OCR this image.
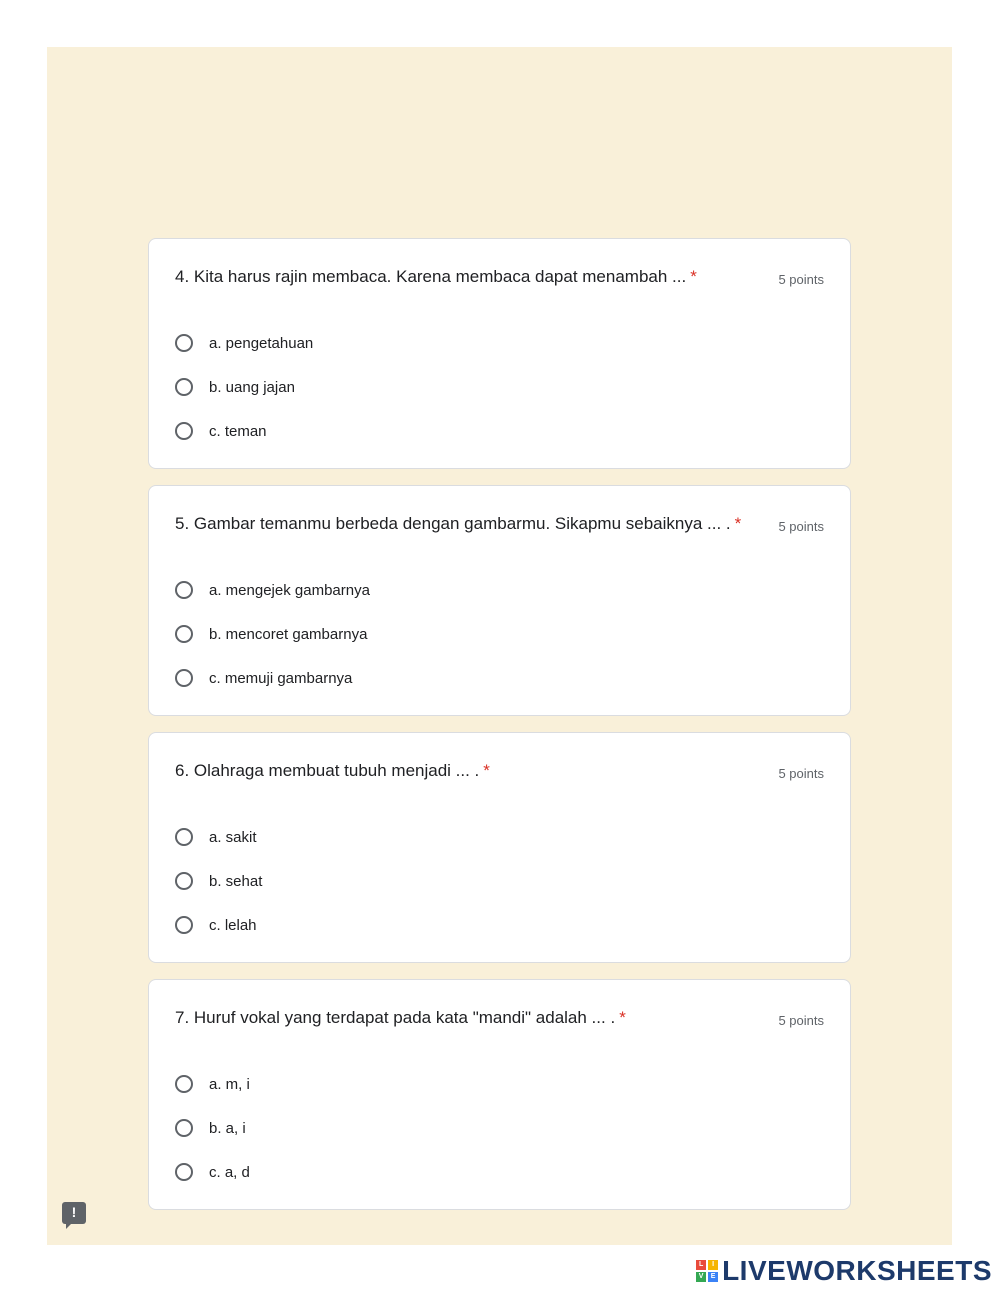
4. Kita harus rajin membaca. Karena membaca dapat menambah ... *	5 points
a. pengetahuan
b. uang jajan
c. teman
5. Gambar temanmu berbeda dengan gambarmu. Sikapmu sebaiknya ... . *	5 points
a. mengejek gambarnya
b. mencoret gambarnya
c. memuji gambarnya
6. Olahraga membuat tubuh menjadi ... . *	5 points
a. sakit
b. sehat
c. lelah
7. Huruf vokal yang terdapat pada kata "mandi" adalah ... . *	5 points
a. m, i
b. a, i
c. a, d
!
L	I
V	E LIVEWORKSHEETS
